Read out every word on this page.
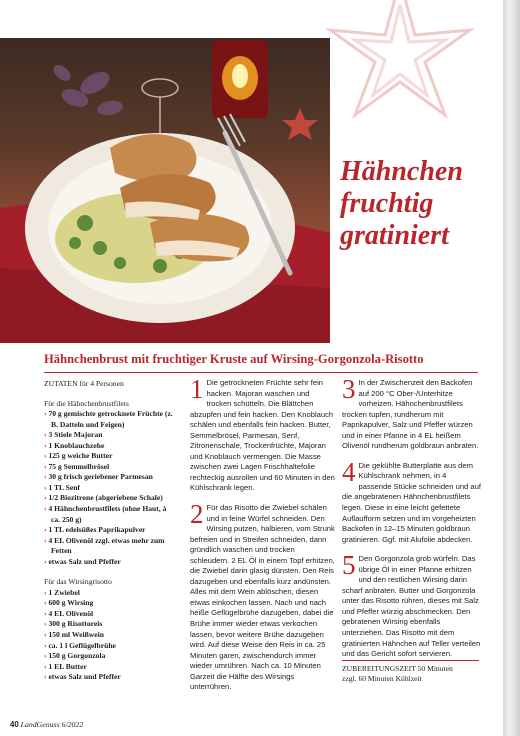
Hähnchen
fruchtig
gratiniert
Hähnchenbrust mit fruchtiger Kruste auf Wirsing-Gorgonzola-Risotto

ZUTATEN für 4 Personen

Für die Hähnchenbrustfilets

› 70 g gemischte getrocknete Früchte (z. B. Datteln und Feigen)
› 3 Stiele Majoran
› 1 Knoblauchzehe
› 125 g weiche Butter
› 75 g Semmelbrösel
› 30 g frisch geriebener Parmesan
› 1 TL Senf
› 1/2 Biozitrone (abgeriebene Schale)
› 4 Hähnchenbrustfilets (ohne Haut, à ca. 250 g)
› 1 TL edelsüßes Paprikapulver
› 4 EL Olivenöl zzgl. etwas mehr zum Fetten
› etwas Salz und Pfeffer

Für das Wirsingrisotto

› 1 Zwiebel
› 600 g Wirsing
› 4 EL Olivenöl
› 300 g Risottoreis
› 150 ml Weißwein
› ca. 1 l Geflügelbrühe
› 150 g Gorgonzola
› 1 EL Butter
› etwas Salz und Pfeffer
1 Die getrockneten Früchte sehr fein hacken. Majoran waschen und trocken schütteln. Die Blättchen abzupfen und fein hacken. Den Knoblauch schälen und ebenfalls fein hacken. Butter, Semmelbrösel, Parmesan, Senf, Zitronenschale, Trockenfrüchte, Majoran und Knoblauch vermengen. Die Masse zwischen zwei Lagen Frischhaltefolie rechteckig ausrollen und 60 Minuten in den Kühlschrank legen.
2 Für das Risotto die Zwiebel schälen und in feine Würfel schneiden. Den Wirsing putzen, halbieren, vom Strunk befreien und in Streifen schneiden, dann gründlich waschen und trocken schleudern. 2 EL Öl in einem Topf erhitzen, die Zwiebel darin glasig dünsten. Den Reis dazugeben und ebenfalls kurz andünsten. Alles mit dem Wein ablöschen, diesen etwas einkochen lassen. Nach und nach heiße Geflügelbrühe dazugeben, dabei die Brühe immer wieder etwas verkochen lassen, bevor weitere Brühe dazugeben wird. Auf diese Weise den Reis in ca. 25 Minuten garen, zwischendurch immer wieder umrühren. Nach ca. 10 Minuten Garzeit die Hälfte des Wirsings unterrühren.
3 In der Zwischenzeit den Backofen auf 200 °C Ober-/Unterhitze vorheizen. Hähnchenbrustfilets trocken tupfen, rundherum mit Paprikapulver, Salz und Pfeffer würzen und in einer Pfanne in 4 EL heißem Olivenöl rundherum goldbraun anbraten.
4 Die gekühlte Butterplatte aus dem Kühlschrank nehmen, in 4 passende Stücke schneiden und auf die angebratenen Hähnchenbrustfilets legen. Diese in eine leicht gefettete Auflaufform setzen und im vorgeheizten Backofen in 12–15 Minuten goldbraun gratinieren. Ggf. mit Alufolie abdecken.
5 Den Gorgonzola grob würfeln. Das übrige Öl in einer Pfanne erhitzen und den restlichen Wirsing darin scharf anbraten. Butter und Gorgonzola unter das Risotto rühren, dieses mit Salz und Pfeffer würzig abschmecken. Den gebratenen Wirsing ebenfalls unterziehen. Das Risotto mit dem gratinierten Hähnchen auf Teller verteilen und das Gericht sofort servieren.
ZUBEREITUNGSZEIT 50 Minuten
zzgl. 60 Minuten Kühlzeit
40 LandGenuss 6/2022
